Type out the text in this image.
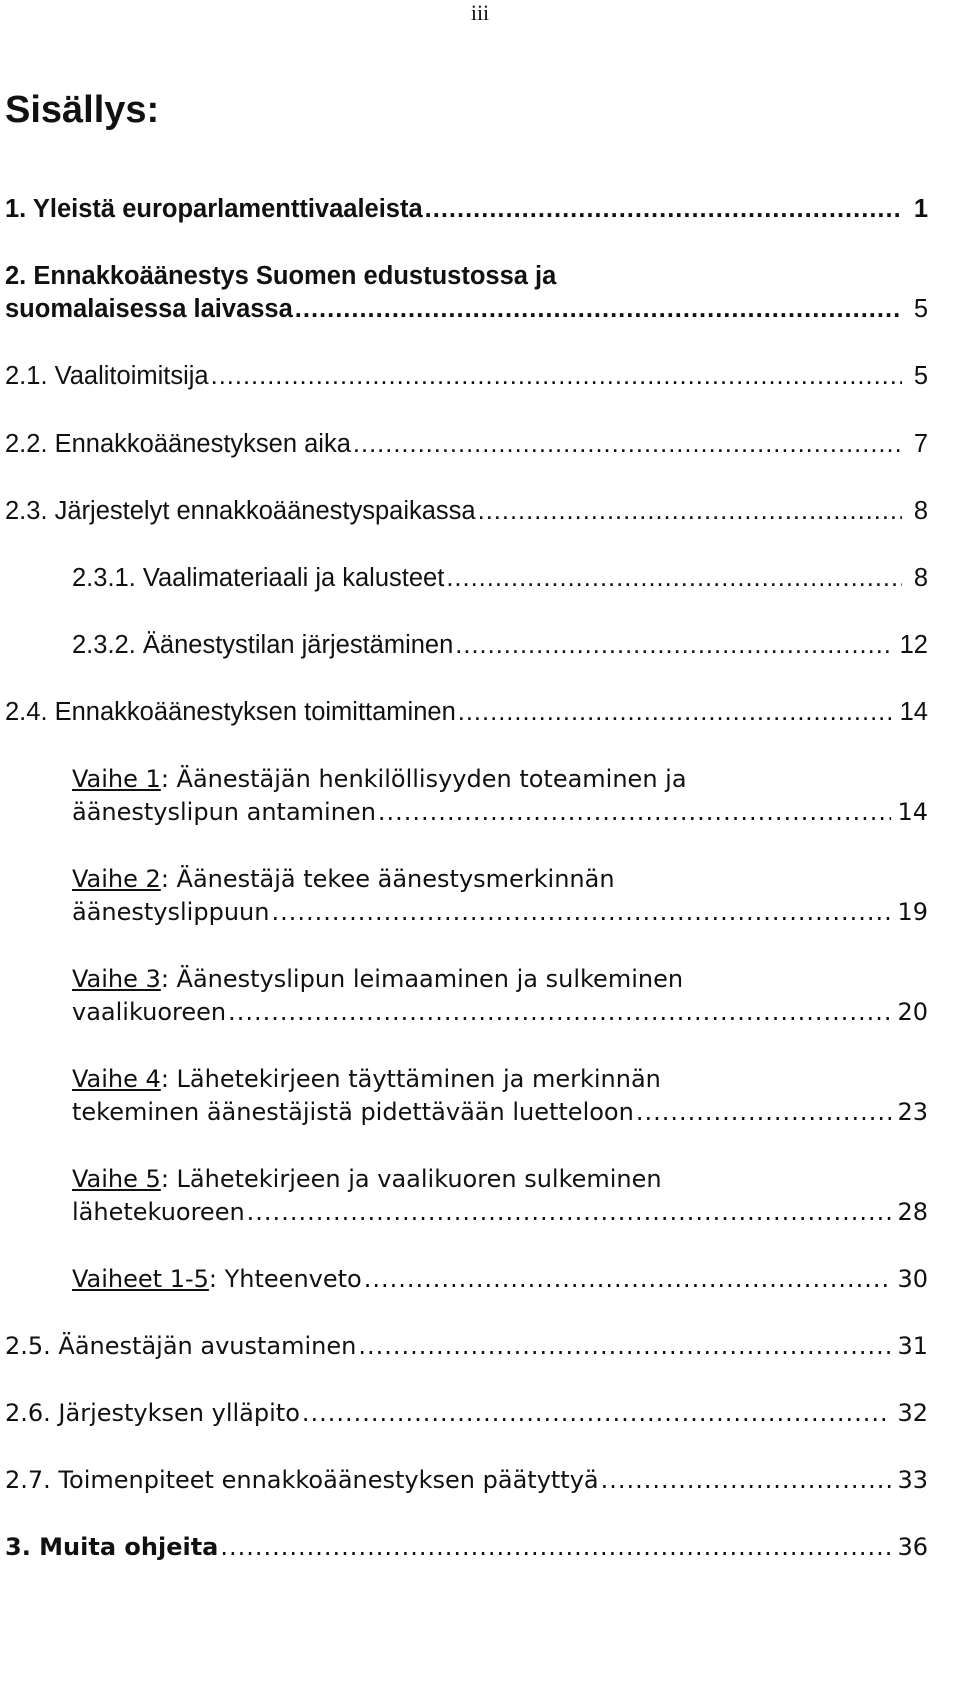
iii
Sisällys:
1. Yleistä europarlamenttivaaleista .....	1
2. Ennakkoäänestys Suomen edustustossa ja
suomalaisessa laivassa .....	5
2.1. Vaalitoimitsija .....	5
2.2. Ennakkoäänestyksen aika .....	7
2.3. Järjestelyt ennakkoäänestyspaikassa .....	8
2.3.1. Vaalimateriaali ja kalusteet .....	8
2.3.2. Äänestystilan järjestäminen .....	12
2.4. Ennakkoäänestyksen toimittaminen .....	14
Vaihe 1: Äänestäjän henkilöllisyyden toteaminen ja
äänestyslipun antaminen .....	14
Vaihe 2: Äänestäjä tekee äänestysmerkinnän
äänestyslippuun .....	19
Vaihe 3: Äänestyslipun leimaaminen ja sulkeminen
vaalikuoreen .....	20
Vaihe 4: Lähetekirjeen täyttäminen ja merkinnän
tekeminen äänestäjistä pidettävään luetteloon .....	23
Vaihe 5: Lähetekirjeen ja vaalikuoren sulkeminen
lähetekuoreen .....	28
Vaiheet 1-5: Yhteenveto .....	30
2.5. Äänestäjän avustaminen .....	31
2.6. Järjestyksen ylläpito .....	32
2.7. Toimenpiteet ennakkoäänestyksen päätyttyä .....	33
3. Muita ohjeita .....	36
